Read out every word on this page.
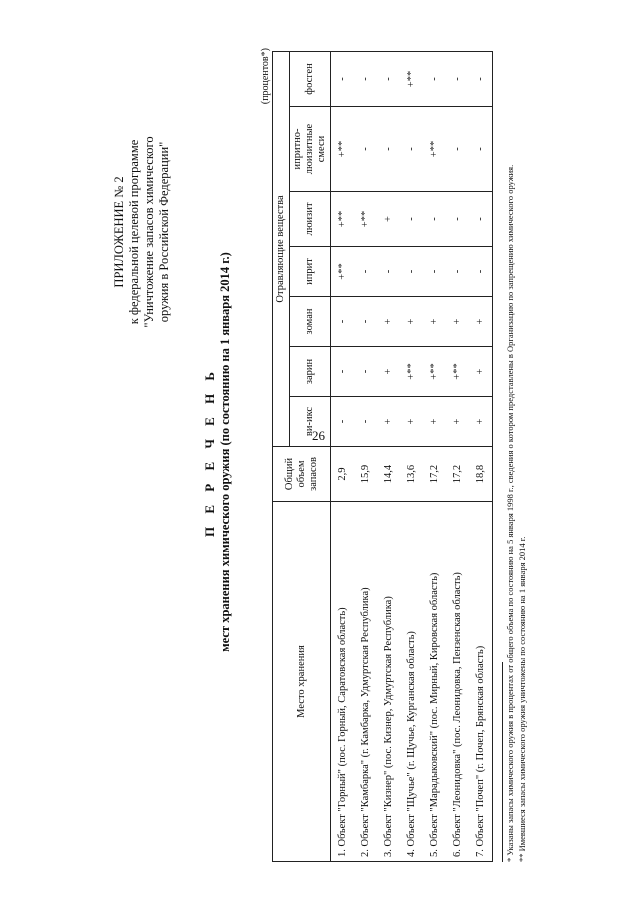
26
ПРИЛОЖЕНИЕ № 2 к федеральной целевой программе "Уничтожение запасов химического оружия в Российской Федерации"
П Е Р Е Ч Е Н Ь мест хранения химического оружия (по состоянию на 1 января 2014 г.)
(процентов*)
Место хранения	Общий объем запасов	Отравляющие вещества						
		ви-икс	зарин	зоман	иприт	люизит	ипритно-люизитные смеси	фосген
1. Объект "Горный" (пос. Горный, Саратовская область)	2,9	-	-	-	+**	+**	+**	-
2. Объект "Камбарка" (г. Камбарка, Удмуртская Республика)	15,9	-	-	-	-	+**	-	-
3. Объект "Кизнер" (пос. Кизнер, Удмуртская Республика)	14,4	+	+	+	-	+	-	-
4. Объект "Щучье" (г. Щучье, Курганская область)	13,6	+	+**	+	-	-	-	+**
5. Объект "Марадыковский" (пос. Мирный, Кировская область)	17,2	+	+**	+	-	-	+**	-
6. Объект "Леонидовка" (пос. Леонидовка, Пензенская область)	17,2	+	+**	+	-	-	-	-
7. Объект "Почеп" (г. Почеп, Брянская область)	18,8	+	+	+	-	-	-	-

* Указаны запасы химического оружия в процентах от общего объема по состоянию на 5 января 1998 г., сведения о котором представлены в Организацию по запрещению химического оружия. ** Имевшиеся запасы химического оружия уничтожены по состоянию на 1 января 2014 г.
